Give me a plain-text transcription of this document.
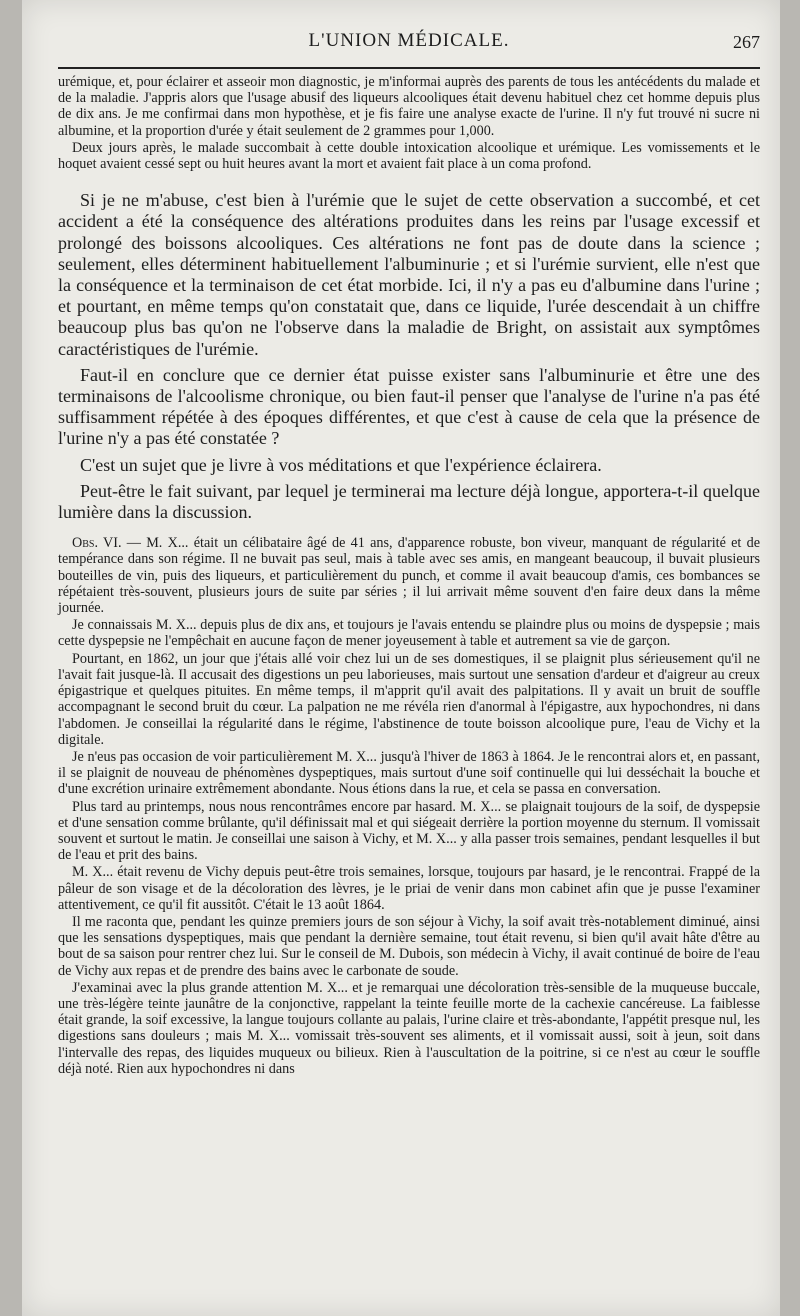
L'UNION MÉDICALE.	267

urémique, et, pour éclairer et asseoir mon diagnostic, je m'informai auprès des parents de tous les antécédents du malade et de la maladie. J'appris alors que l'usage abusif des liqueurs alcooliques était devenu habituel chez cet homme depuis plus de dix ans. Je me confirmai dans mon hypothèse, et je fis faire une analyse exacte de l'urine. Il n'y fut trouvé ni sucre ni albumine, et la proportion d'urée y était seulement de 2 grammes pour 1,000.

Deux jours après, le malade succombait à cette double intoxication alcoolique et urémique. Les vomissements et le hoquet avaient cessé sept ou huit heures avant la mort et avaient fait place à un coma profond.

Si je ne m'abuse, c'est bien à l'urémie que le sujet de cette observation a succombé, et cet accident a été la conséquence des altérations produites dans les reins par l'usage excessif et prolongé des boissons alcooliques. Ces altérations ne font pas de doute dans la science ; seulement, elles déterminent habituellement l'albuminurie ; et si l'urémie survient, elle n'est que la conséquence et la terminaison de cet état morbide. Ici, il n'y a pas eu d'albumine dans l'urine ; et pourtant, en même temps qu'on constatait que, dans ce liquide, l'urée descendait à un chiffre beaucoup plus bas qu'on ne l'observe dans la maladie de Bright, on assistait aux symptômes caractéristiques de l'urémie.

Faut-il en conclure que ce dernier état puisse exister sans l'albuminurie et être une des terminaisons de l'alcoolisme chronique, ou bien faut-il penser que l'analyse de l'urine n'a pas été suffisamment répétée à des époques différentes, et que c'est à cause de cela que la présence de l'urine n'y a pas été constatée ?

C'est un sujet que je livre à vos méditations et que l'expérience éclairera.

Peut-être le fait suivant, par lequel je terminerai ma lecture déjà longue, apportera-t-il quelque lumière dans la discussion.

Obs. VI. — M. X... était un célibataire âgé de 41 ans, d'apparence robuste, bon viveur, manquant de régularité et de tempérance dans son régime. Il ne buvait pas seul, mais à table avec ses amis, en mangeant beaucoup, il buvait plusieurs bouteilles de vin, puis des liqueurs, et particulièrement du punch, et comme il avait beaucoup d'amis, ces bombances se répétaient très-souvent, plusieurs jours de suite par séries ; il lui arrivait même souvent d'en faire deux dans la même journée.

Je connaissais M. X... depuis plus de dix ans, et toujours je l'avais entendu se plaindre plus ou moins de dyspepsie ; mais cette dyspepsie ne l'empêchait en aucune façon de mener joyeusement à table et autrement sa vie de garçon.

Pourtant, en 1862, un jour que j'étais allé voir chez lui un de ses domestiques, il se plaignit plus sérieusement qu'il ne l'avait fait jusque-là. Il accusait des digestions un peu laborieuses, mais surtout une sensation d'ardeur et d'aigreur au creux épigastrique et quelques pituites. En même temps, il m'apprit qu'il avait des palpitations. Il y avait un bruit de souffle accompagnant le second bruit du cœur. La palpation ne me révéla rien d'anormal à l'épigastre, aux hypochondres, ni dans l'abdomen. Je conseillai la régularité dans le régime, l'abstinence de toute boisson alcoolique pure, l'eau de Vichy et la digitale.

Je n'eus pas occasion de voir particulièrement M. X... jusqu'à l'hiver de 1863 à 1864. Je le rencontrai alors et, en passant, il se plaignit de nouveau de phénomènes dyspeptiques, mais surtout d'une soif continuelle qui lui desséchait la bouche et d'une excrétion urinaire extrêmement abondante. Nous étions dans la rue, et cela se passa en conversation.

Plus tard au printemps, nous nous rencontrâmes encore par hasard. M. X... se plaignait toujours de la soif, de dyspepsie et d'une sensation comme brûlante, qu'il définissait mal et qui siégeait derrière la portion moyenne du sternum. Il vomissait souvent et surtout le matin. Je conseillai une saison à Vichy, et M. X... y alla passer trois semaines, pendant lesquelles il but de l'eau et prit des bains.

M. X... était revenu de Vichy depuis peut-être trois semaines, lorsque, toujours par hasard, je le rencontrai. Frappé de la pâleur de son visage et de la décoloration des lèvres, je le priai de venir dans mon cabinet afin que je pusse l'examiner attentivement, ce qu'il fit aussitôt. C'était le 13 août 1864.

Il me raconta que, pendant les quinze premiers jours de son séjour à Vichy, la soif avait très-notablement diminué, ainsi que les sensations dyspeptiques, mais que pendant la dernière semaine, tout était revenu, si bien qu'il avait hâte d'être au bout de sa saison pour rentrer chez lui. Sur le conseil de M. Dubois, son médecin à Vichy, il avait continué de boire de l'eau de Vichy aux repas et de prendre des bains avec le carbonate de soude.

J'examinai avec la plus grande attention M. X... et je remarquai une décoloration très-sensible de la muqueuse buccale, une très-légère teinte jaunâtre de la conjonctive, rappelant la teinte feuille morte de la cachexie cancéreuse. La faiblesse était grande, la soif excessive, la langue toujours collante au palais, l'urine claire et très-abondante, l'appétit presque nul, les digestions sans douleurs ; mais M. X... vomissait très-souvent ses aliments, et il vomissait aussi, soit à jeun, soit dans l'intervalle des repas, des liquides muqueux ou bilieux. Rien à l'auscultation de la poitrine, si ce n'est au cœur le souffle déjà noté. Rien aux hypochondres ni dans
